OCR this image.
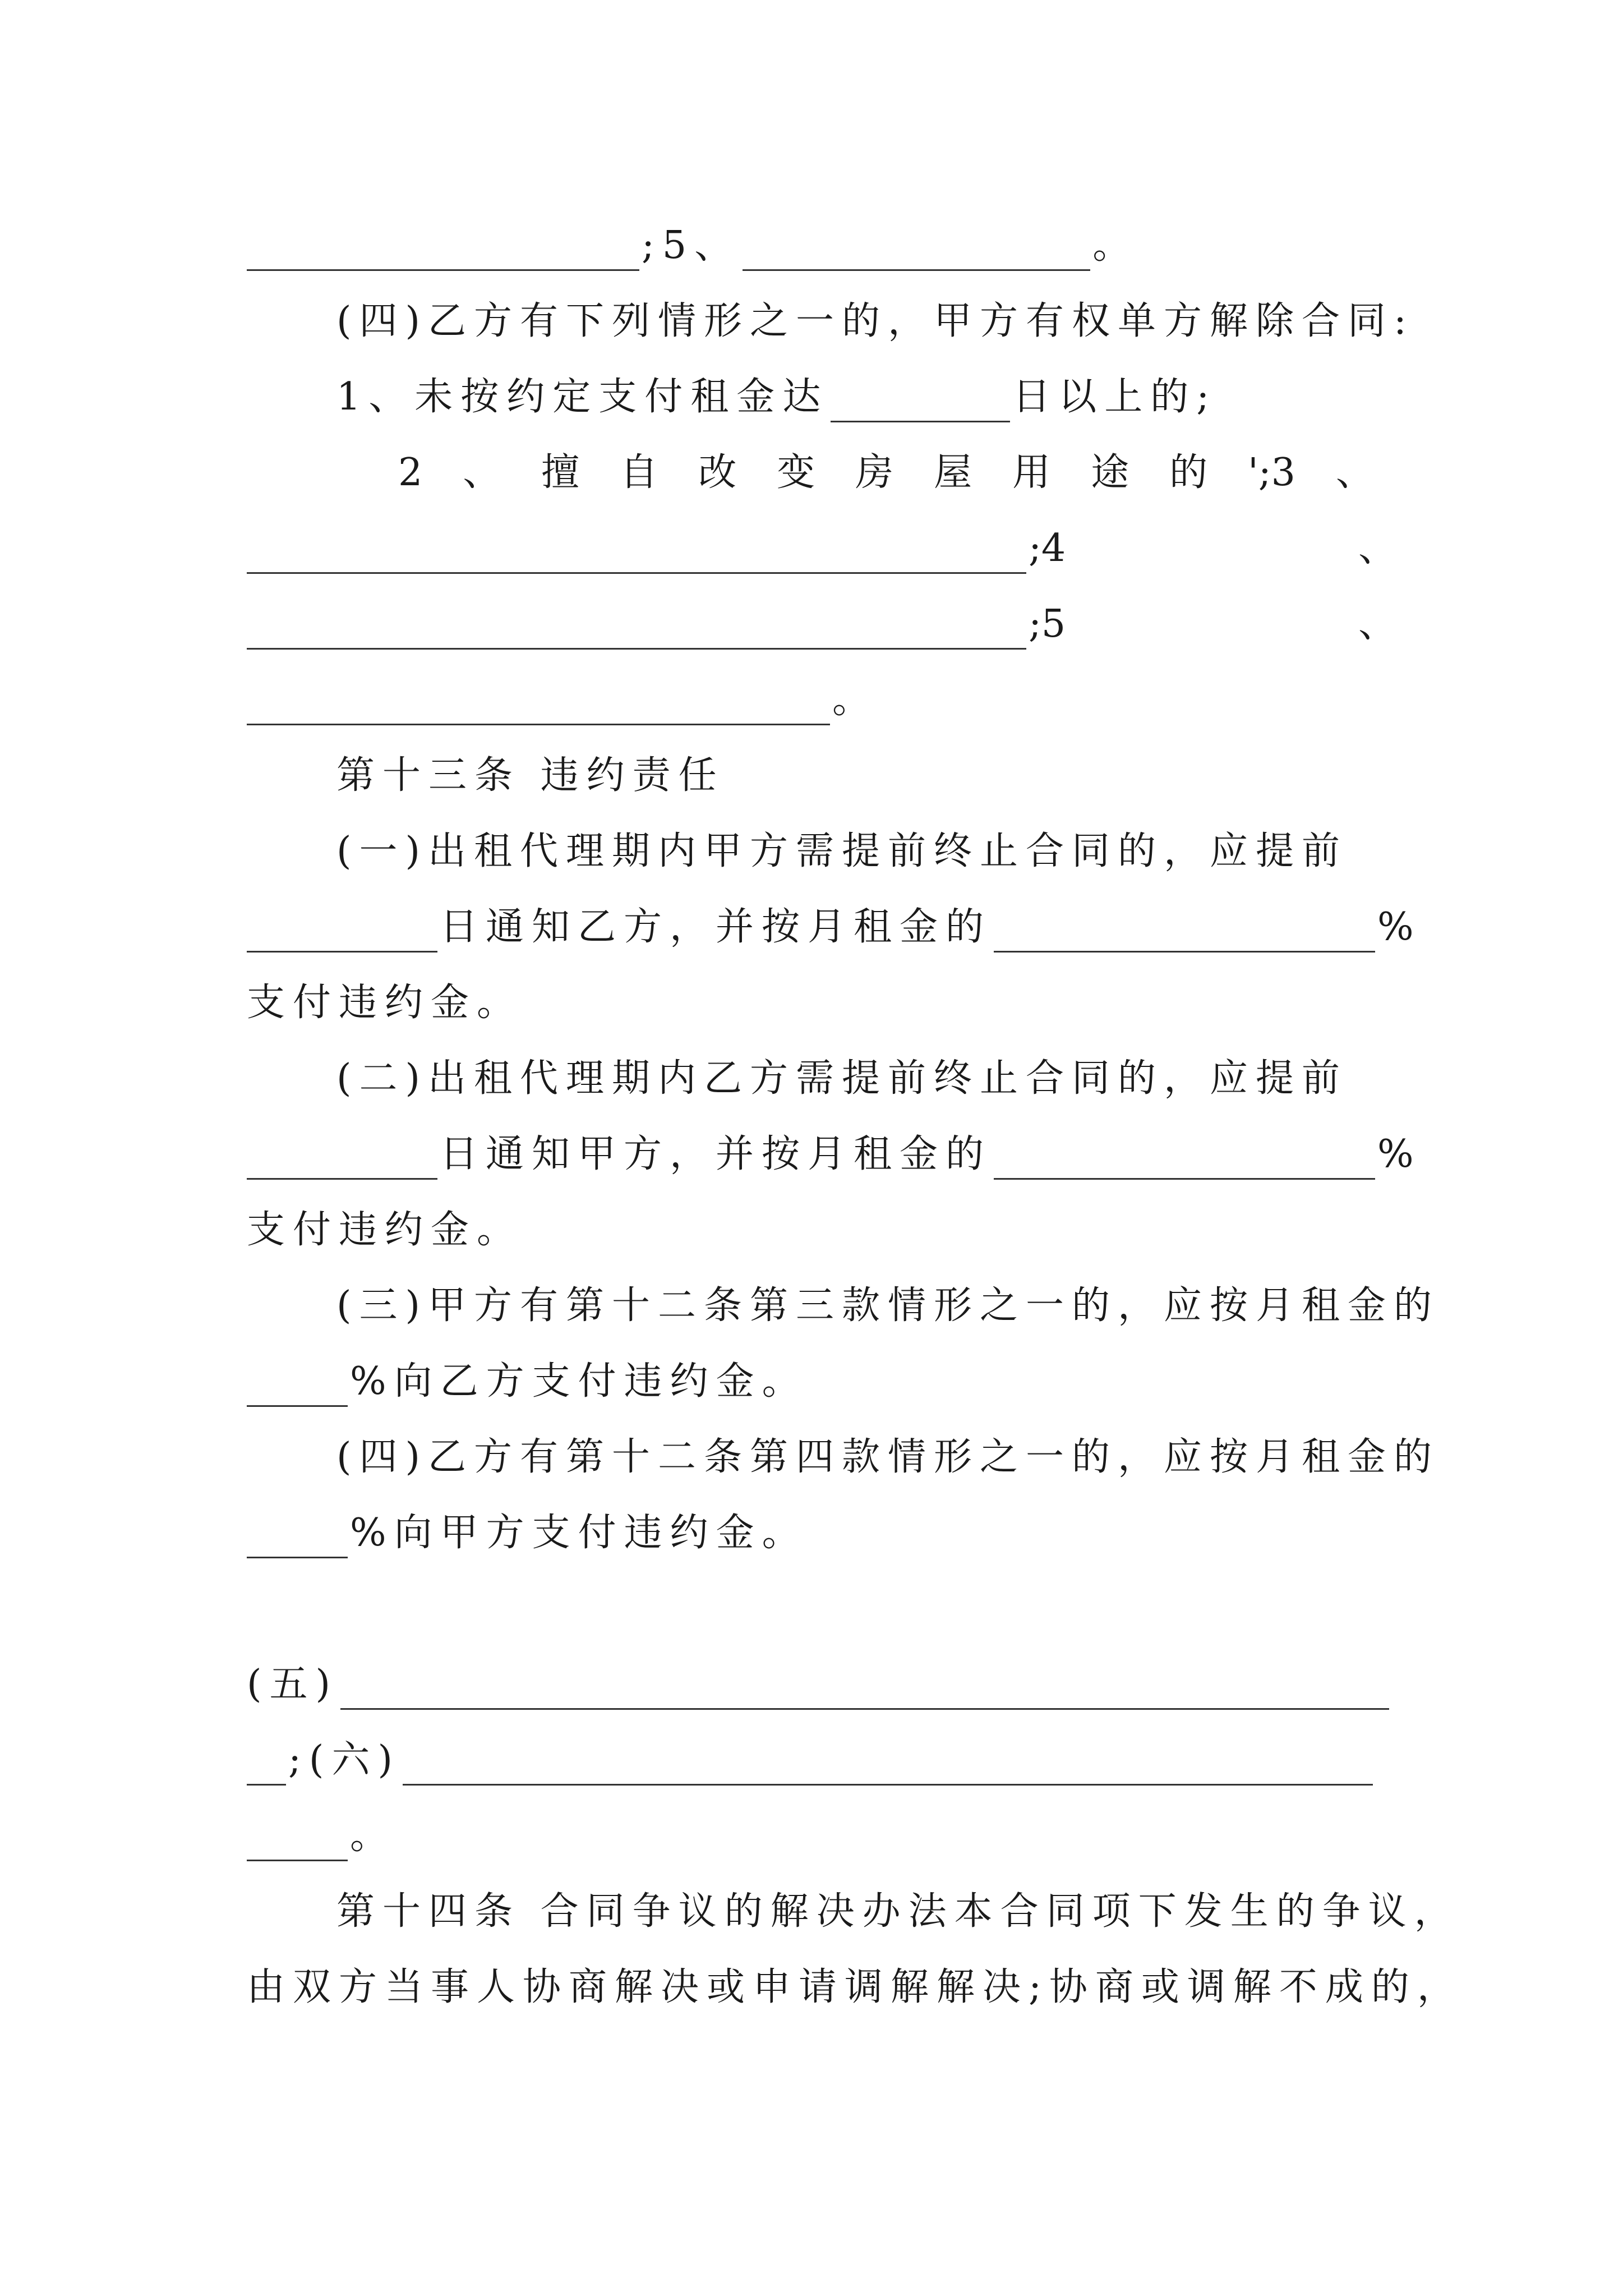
;5、	。
(四)乙方有下列情形之一的，甲方有权单方解除合同:
1、未按约定支付租金达	日以上的;
2 、 擅 自 改 变 房 屋 用 途 的 ';3 、
;4	、
;5	、
。
第十三条 违约责任
(一)出租代理期内甲方需提前终止合同的，应提前
日通知乙方，并按月租金的	%
支付违约金。
(二)出租代理期内乙方需提前终止合同的，应提前
日通知甲方，并按月租金的	%
支付违约金。
(三)甲方有第十二条第三款情形之一的，应按月租金的
%向乙方支付违约金。
(四)乙方有第十二条第四款情形之一的，应按月租金的
%向甲方支付违约金。
(五)
;(六)
。
第十四条 合同争议的解决办法本合同项下发生的争议，
由双方当事人协商解决或申请调解解决;协商或调解不成的，
